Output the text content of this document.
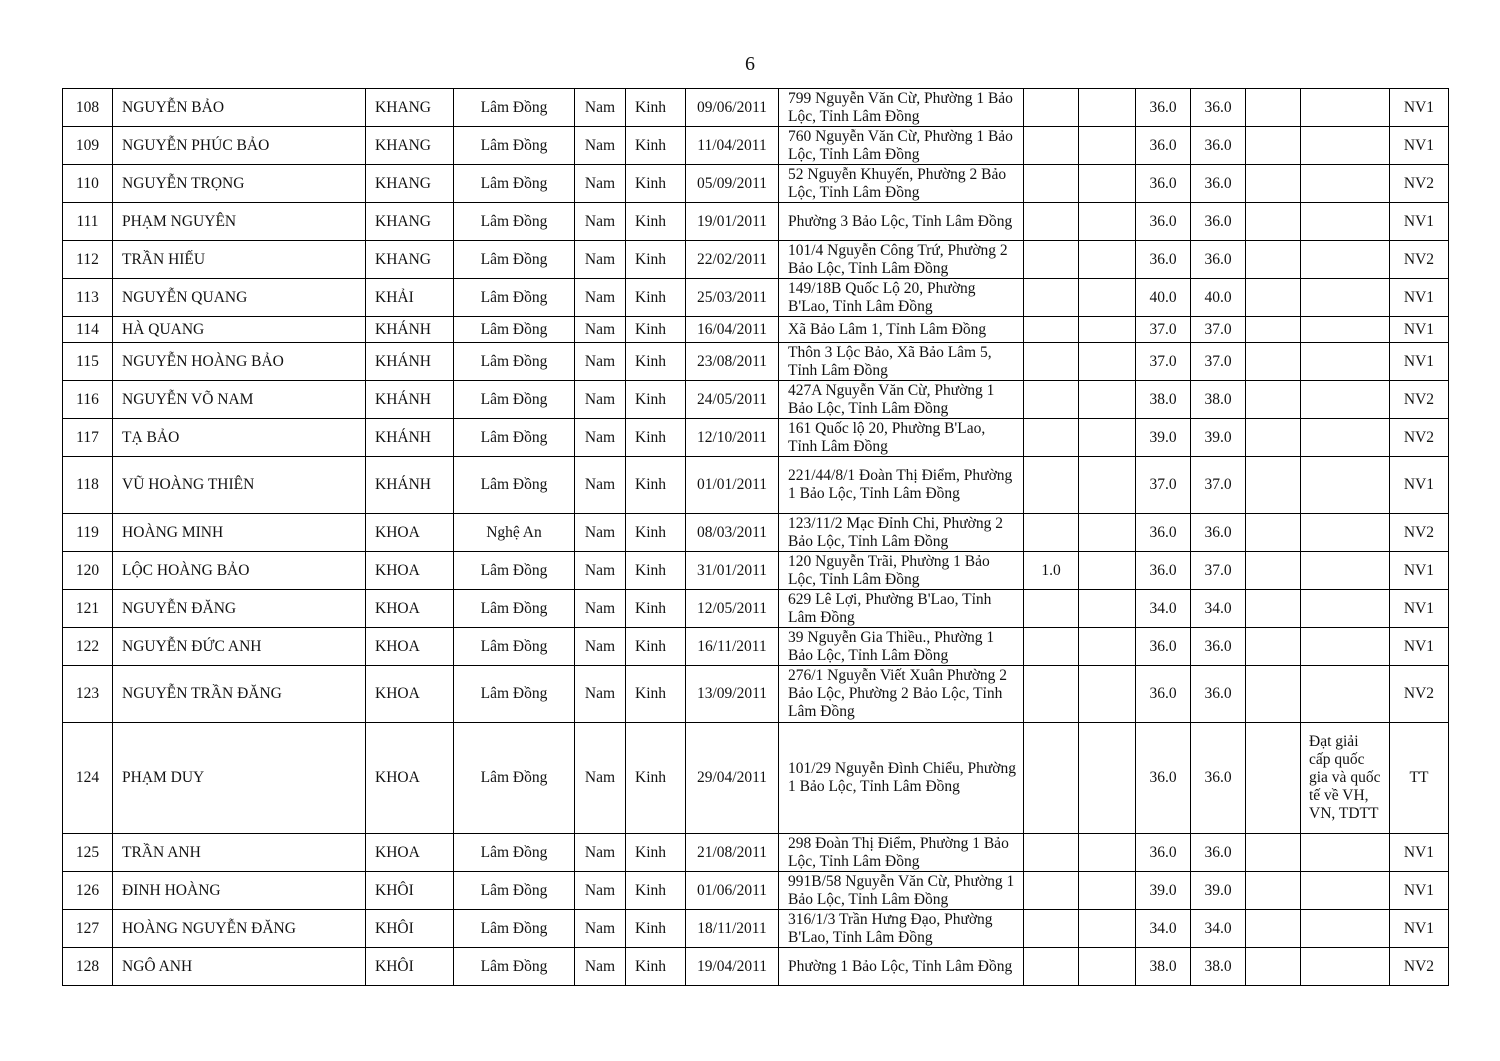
6
108	NGUYỄN BẢO	KHANG	Lâm Đồng	Nam	Kinh	09/06/2011	799 Nguyễn Văn Cừ, Phường 1 Bảo Lộc, Tỉnh Lâm Đồng			36.0	36.0			NV1
109	NGUYỄN PHÚC BẢO	KHANG	Lâm Đồng	Nam	Kinh	11/04/2011	760 Nguyễn Văn Cừ, Phường 1 Bảo Lộc, Tỉnh Lâm Đồng			36.0	36.0			NV1
110	NGUYỄN TRỌNG	KHANG	Lâm Đồng	Nam	Kinh	05/09/2011	52 Nguyễn Khuyến, Phường 2 Bảo Lộc, Tỉnh Lâm Đồng			36.0	36.0			NV2
111	PHẠM NGUYÊN	KHANG	Lâm Đồng	Nam	Kinh	19/01/2011	Phường 3 Bảo Lộc, Tỉnh Lâm Đồng			36.0	36.0			NV1
112	TRẦN HIẾU	KHANG	Lâm Đồng	Nam	Kinh	22/02/2011	101/4 Nguyễn Công Trứ, Phường 2 Bảo Lộc, Tỉnh Lâm Đồng			36.0	36.0			NV2
113	NGUYỄN QUANG	KHẢI	Lâm Đồng	Nam	Kinh	25/03/2011	149/18B Quốc Lộ 20, Phường B'Lao, Tỉnh Lâm Đồng			40.0	40.0			NV1
114	HÀ QUANG	KHÁNH	Lâm Đồng	Nam	Kinh	16/04/2011	Xã Bảo Lâm 1, Tỉnh Lâm Đồng			37.0	37.0			NV1
115	NGUYỄN HOÀNG BẢO	KHÁNH	Lâm Đồng	Nam	Kinh	23/08/2011	Thôn 3 Lộc Bảo, Xã Bảo Lâm 5, Tỉnh Lâm Đồng			37.0	37.0			NV1
116	NGUYỄN VÕ NAM	KHÁNH	Lâm Đồng	Nam	Kinh	24/05/2011	427A Nguyễn Văn Cừ, Phường 1 Bảo Lộc, Tỉnh Lâm Đồng			38.0	38.0			NV2
117	TẠ BẢO	KHÁNH	Lâm Đồng	Nam	Kinh	12/10/2011	161 Quốc lộ 20, Phường B'Lao, Tỉnh Lâm Đồng			39.0	39.0			NV2
118	VŨ HOÀNG THIÊN	KHÁNH	Lâm Đồng	Nam	Kinh	01/01/2011	221/44/8/1 Đoàn Thị Điểm, Phường 1 Bảo Lộc, Tỉnh Lâm Đồng			37.0	37.0			NV1
119	HOÀNG MINH	KHOA	Nghệ An	Nam	Kinh	08/03/2011	123/11/2 Mạc Đỉnh Chi, Phường 2 Bảo Lộc, Tỉnh Lâm Đồng			36.0	36.0			NV2
120	LỘC HOÀNG BẢO	KHOA	Lâm Đồng	Nam	Kinh	31/01/2011	120 Nguyễn Trãi, Phường 1 Bảo Lộc, Tỉnh Lâm Đồng	1.0		36.0	37.0			NV1
121	NGUYỄN ĐĂNG	KHOA	Lâm Đồng	Nam	Kinh	12/05/2011	629 Lê Lợi, Phường B'Lao, Tỉnh Lâm Đồng			34.0	34.0			NV1
122	NGUYỄN ĐỨC ANH	KHOA	Lâm Đồng	Nam	Kinh	16/11/2011	39 Nguyễn Gia Thiều., Phường 1 Bảo Lộc, Tỉnh Lâm Đồng			36.0	36.0			NV1
123	NGUYỄN TRẦN ĐĂNG	KHOA	Lâm Đồng	Nam	Kinh	13/09/2011	276/1 Nguyễn Viết Xuân Phường 2 Bảo Lộc, Phường 2 Bảo Lộc, Tỉnh Lâm Đồng			36.0	36.0			NV2
124	PHẠM DUY	KHOA	Lâm Đồng	Nam	Kinh	29/04/2011	101/29 Nguyễn Đình Chiểu, Phường 1 Bảo Lộc, Tỉnh Lâm Đồng			36.0	36.0		Đạt giải cấp quốc gia và quốc tế về VH, VN, TDTT	TT
125	TRẦN ANH	KHOA	Lâm Đồng	Nam	Kinh	21/08/2011	298 Đoàn Thị Điểm, Phường 1 Bảo Lộc, Tỉnh Lâm Đồng			36.0	36.0			NV1
126	ĐINH HOÀNG	KHÔI	Lâm Đồng	Nam	Kinh	01/06/2011	991B/58 Nguyễn Văn Cừ, Phường 1 Bảo Lộc, Tỉnh Lâm Đồng			39.0	39.0			NV1
127	HOÀNG NGUYỄN ĐĂNG	KHÔI	Lâm Đồng	Nam	Kinh	18/11/2011	316/1/3 Trần Hưng Đạo, Phường B'Lao, Tỉnh Lâm Đồng			34.0	34.0			NV1
128	NGÔ ANH	KHÔI	Lâm Đồng	Nam	Kinh	19/04/2011	Phường 1 Bảo Lộc, Tỉnh Lâm Đồng			38.0	38.0			NV2
